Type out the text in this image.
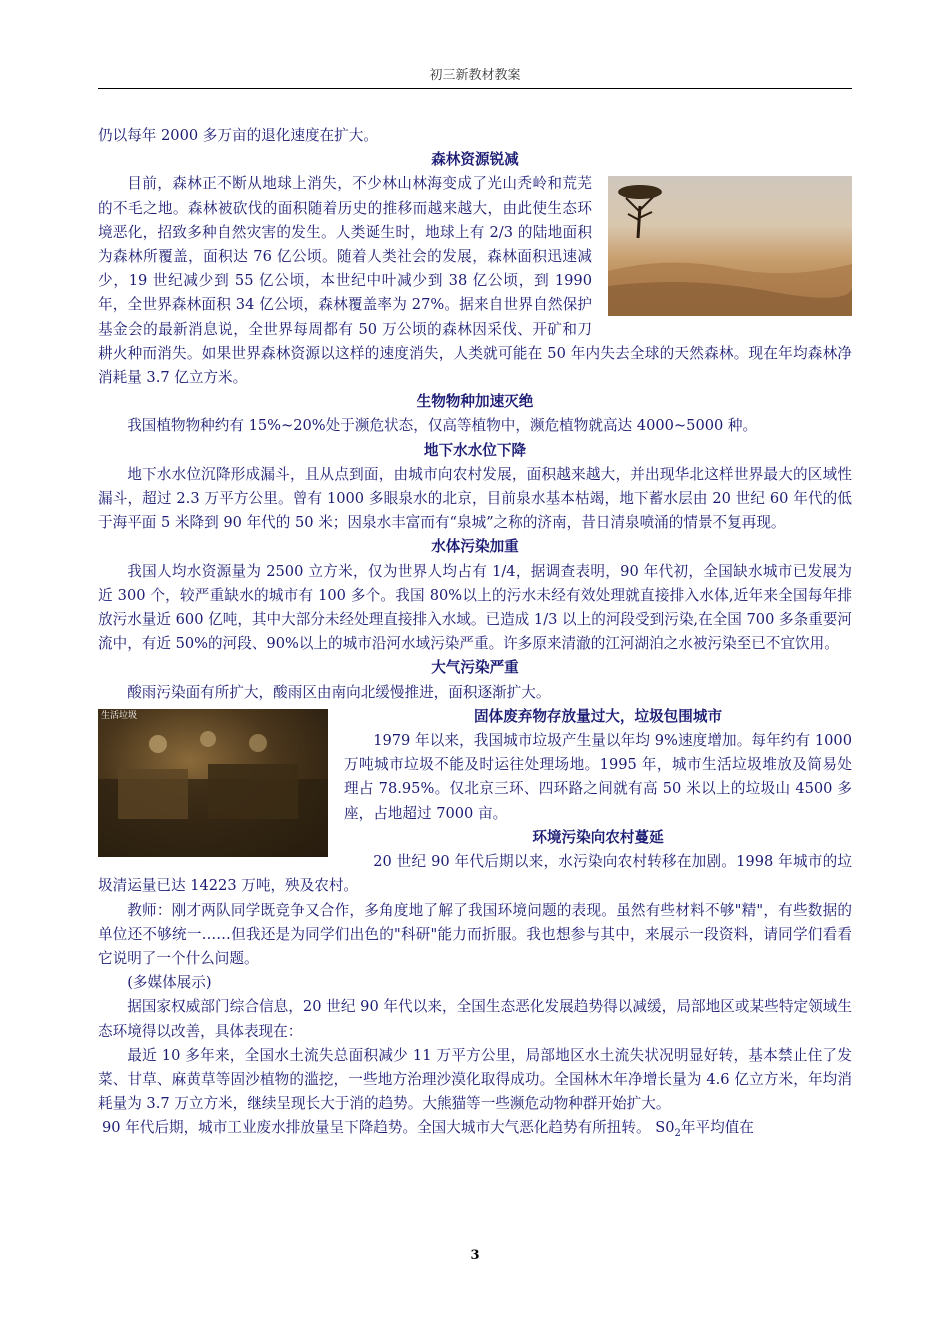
初三新教材教案

仍以每年 2000 多万亩的退化速度在扩大。

森林资源锐减

目前，森林正不断从地球上消失，不少林山林海变成了光山秃岭和荒芜的不毛之地。森林被砍伐的面积随着历史的推移而越来越大，由此使生态环境恶化，招致多种自然灾害的发生。人类诞生时，地球上有 2/3 的陆地面积为森林所覆盖，面积达 76 亿公顷。随着人类社会的发展，森林面积迅速减少，19 世纪减少到 55 亿公顷，本世纪中叶减少到 38 亿公顷，到 1990 年，全世界森林面积 34 亿公顷，森林覆盖率为 27%。据来自世界自然保护基金会的最新消息说，全世界每周都有 50 万公顷的森林因采伐、开矿和刀耕火种而消失。如果世界森林资源以这样的速度消失，人类就可能在 50 年内失去全球的天然森林。现在年均森林净消耗量 3.7 亿立方米。

生物物种加速灭绝

我国植物物种约有 15%~20%处于濒危状态，仅高等植物中，濒危植物就高达 4000~5000 种。

地下水水位下降

地下水水位沉降形成漏斗，且从点到面，由城市向农村发展，面积越来越大，并出现华北这样世界最大的区域性漏斗，超过 2.3 万平方公里。曾有 1000 多眼泉水的北京，目前泉水基本枯竭，地下蓄水层由 20 世纪 60 年代的低于海平面 5 米降到 90 年代的 50 米；因泉水丰富而有“泉城”之称的济南，昔日清泉喷涌的情景不复再现。

水体污染加重

我国人均水资源量为 2500 立方米，仅为世界人均占有 1/4，据调查表明，90 年代初，全国缺水城市已发展为近 300 个，较严重缺水的城市有 100 多个。我国 80%以上的污水未经有效处理就直接排入水体,近年来全国每年排放污水量近 600 亿吨，其中大部分未经处理直接排入水域。已造成 1/3 以上的河段受到污染,在全国 700 多条重要河流中，有近 50%的河段、90%以上的城市沿河水域污染严重。许多原来清澈的江河湖泊之水被污染至已不宜饮用。

大气污染严重

酸雨污染面有所扩大，酸雨区由南向北缓慢推进，面积逐渐扩大。

生活垃圾	固体废弃物存放量过大，垃圾包围城市

1979 年以来，我国城市垃圾产生量以年均 9%速度增加。每年约有 1000 万吨城市垃圾不能及时运往处理场地。1995 年，城市生活垃圾堆放及简易处理占 78.95%。仅北京三环、四环路之间就有高 50 米以上的垃圾山 4500 多座，占地超过 7000 亩。

环境污染向农村蔓延

20 世纪 90 年代后期以来，水污染向农村转移在加剧。1998 年城市的垃圾清运量已达 14223 万吨，殃及农村。

教师：刚才两队同学既竞争又合作，多角度地了解了我国环境问题的表现。虽然有些材料不够"精"，有些数据的单位还不够统一……但我还是为同学们出色的"科研"能力而折服。我也想参与其中，来展示一段资料，请同学们看看它说明了一个什么问题。

(多媒体展示)

据国家权威部门综合信息，20 世纪 90 年代以来，全国生态恶化发展趋势得以减缓，局部地区或某些特定领域生态环境得以改善，具体表现在：

最近 10 多年来，全国水土流失总面积减少 11 万平方公里，局部地区水土流失状况明显好转，基本禁止住了发菜、甘草、麻黄草等固沙植物的滥挖，一些地方治理沙漠化取得成功。全国林木年净增长量为 4.6 亿立方米，年均消耗量为 3.7 万立方米，继续呈现长大于消的趋势。大熊猫等一些濒危动物种群开始扩大。

90 年代后期，城市工业废水排放量呈下降趋势。全国大城市大气恶化趋势有所扭转。 $S0_2$年平均值在

3
